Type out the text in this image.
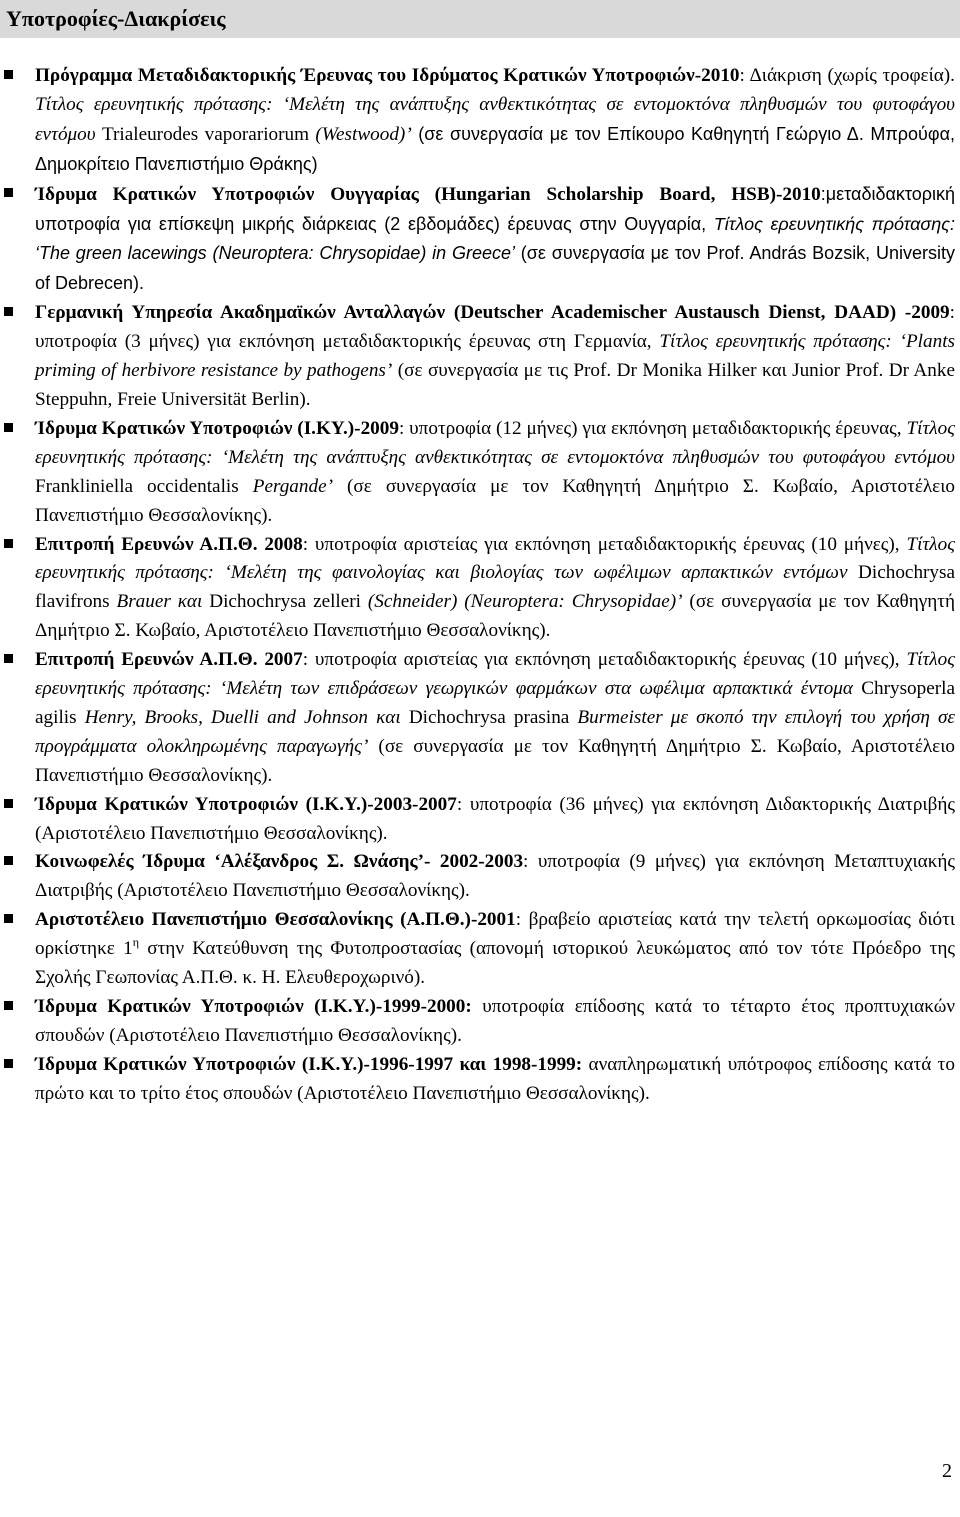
Υποτροφίες-Διακρίσεις
Πρόγραμμα Μεταδιδακτορικής Έρευνας του Ιδρύματος Κρατικών Υποτροφιών-2010: Διάκριση (χωρίς τροφεία). Τίτλος ερευνητικής πρότασης: ‘Μελέτη της ανάπτυξης ανθεκτικότητας σε εντομοκτόνα πληθυσμών του φυτοφάγου εντόμου Trialeurodes vaporariorum (Westwood)’ (σε συνεργασία με τον Επίκουρο Καθηγητή Γεώργιο Δ. Μπρούφα, Δημοκρίτειο Πανεπιστήμιο Θράκης)
Ίδρυμα Κρατικών Υποτροφιών Ουγγαρίας (Hungarian Scholarship Board, HSB)-2010:μεταδιδακτορική υποτροφία για επίσκεψη μικρής διάρκειας (2 εβδομάδες) έρευνας στην Ουγγαρία, Τίτλος ερευνητικής πρότασης: ‘The green lacewings (Neuroptera: Chrysopidae) in Greece’ (σε συνεργασία με τον Prof. András Bozsik, University of Debrecen).
Γερμανική Υπηρεσία Ακαδημαϊκών Ανταλλαγών (Deutscher Academischer Austausch Dienst, DAAD) -2009: υποτροφία (3 μήνες) για εκπόνηση μεταδιδακτορικής έρευνας στη Γερμανία, Τίτλος ερευνητικής πρότασης: ‘Plants priming of herbivore resistance by pathogens’ (σε συνεργασία με τις Prof. Dr Monika Hilker και Junior Prof. Dr Anke Steppuhn, Freie Universität Berlin).
Ίδρυμα Κρατικών Υποτροφιών (Ι.ΚΥ.)-2009: υποτροφία (12 μήνες) για εκπόνηση μεταδιδακτορικής έρευνας, Τίτλος ερευνητικής πρότασης: ‘Μελέτη της ανάπτυξης ανθεκτικότητας σε εντομοκτόνα πληθυσμών του φυτοφάγου εντόμου Frankliniella occidentalis Pergande’ (σε συνεργασία με τον Καθηγητή Δημήτριο Σ. Κωβαίο, Αριστοτέλειο Πανεπιστήμιο Θεσσαλονίκης).
Επιτροπή Ερευνών Α.Π.Θ. 2008: υποτροφία αριστείας για εκπόνηση μεταδιδακτορικής έρευνας (10 μήνες), Τίτλος ερευνητικής πρότασης: ‘Μελέτη της φαινολογίας και βιολογίας των ωφέλιμων αρπακτικών εντόμων Dichochrysa flavifrons Brauer και Dichochrysa zelleri (Schneider) (Neuroptera: Chrysopidae)’ (σε συνεργασία με τον Καθηγητή Δημήτριο Σ. Κωβαίο, Αριστοτέλειο Πανεπιστήμιο Θεσσαλονίκης).
Επιτροπή Ερευνών Α.Π.Θ. 2007: υποτροφία αριστείας για εκπόνηση μεταδιδακτορικής έρευνας (10 μήνες), Τίτλος ερευνητικής πρότασης: ‘Μελέτη των επιδράσεων γεωργικών φαρμάκων στα ωφέλιμα αρπακτικά έντομα Chrysoperla agilis Henry, Brooks, Duelli and Johnson και Dichochrysa prasina Burmeister με σκοπό την επιλογή του χρήση σε προγράμματα ολοκληρωμένης παραγωγής’ (σε συνεργασία με τον Καθηγητή Δημήτριο Σ. Κωβαίο, Αριστοτέλειο Πανεπιστήμιο Θεσσαλονίκης).
Ίδρυμα Κρατικών Υποτροφιών (Ι.Κ.Υ.)-2003-2007: υποτροφία (36 μήνες) για εκπόνηση Διδακτορικής Διατριβής (Αριστοτέλειο Πανεπιστήμιο Θεσσαλονίκης).
Κοινωφελές Ίδρυμα ‘Αλέξανδρος Σ. Ωνάσης’- 2002-2003: υποτροφία (9 μήνες) για εκπόνηση Μεταπτυχιακής Διατριβής (Αριστοτέλειο Πανεπιστήμιο Θεσσαλονίκης).
Αριστοτέλειο Πανεπιστήμιο Θεσσαλονίκης (Α.Π.Θ.)-2001: βραβείο αριστείας κατά την τελετή ορκωμοσίας διότι ορκίστηκε $1^\eta$ στην Κατεύθυνση της Φυτοπροστασίας (απονομή ιστορικού λευκώματος από τον τότε Πρόεδρο της Σχολής Γεωπονίας Α.Π.Θ. κ. Η. Ελευθεροχωρινό).
Ίδρυμα Κρατικών Υποτροφιών (Ι.Κ.Υ.)-1999-2000: υποτροφία επίδοσης κατά το τέταρτο έτος προπτυχιακών σπουδών (Αριστοτέλειο Πανεπιστήμιο Θεσσαλονίκης).
Ίδρυμα Κρατικών Υποτροφιών (Ι.Κ.Υ.)-1996-1997 και 1998-1999: αναπληρωματική υπότροφος επίδοσης κατά το πρώτο και το τρίτο έτος σπουδών (Αριστοτέλειο Πανεπιστήμιο Θεσσαλονίκης).
2
